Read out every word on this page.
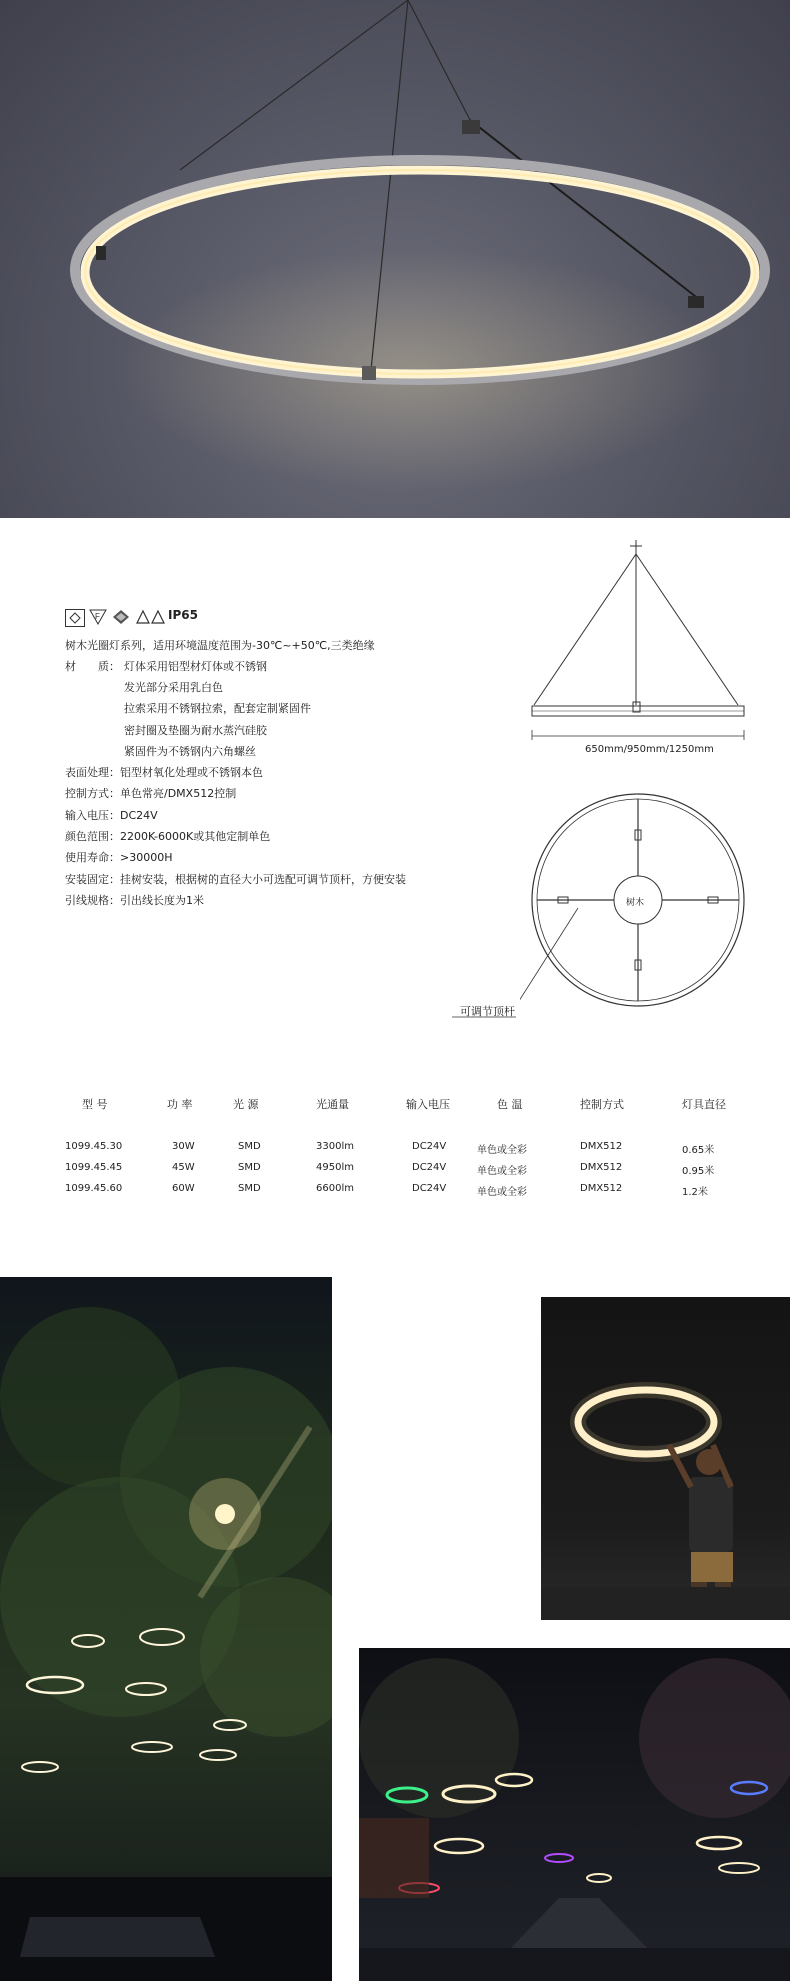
F	IP65
树木光圈灯系列，适用环境温度范围为-30℃~+50℃,三类绝缘
材　　质： 灯体采用铝型材灯体或不锈钢
发光部分采用乳白色
拉索采用不锈钢拉索，配套定制紧固件
密封圈及垫圈为耐水蒸汽硅胶
紧固件为不锈钢内六角螺丝
表面处理：铝型材氧化处理或不锈钢本色
控制方式：单色常亮/DMX512控制
输入电压：DC24V
颜色范围：2200K-6000K或其他定制单色
使用寿命：>30000H
安装固定：挂树安装，根据树的直径大小可选配可调节顶杆，方便安装
引线规格：引出线长度为1米
650mm/950mm/1250mm
树木
可调节顶杆
型 号	功 率	光 源	光通量	输入电压	色 温	控制方式	灯具直径
1099.45.30	30W	SMD	3300lm	DC24V	单色或全彩	DMX512	0.65米
1099.45.45	45W	SMD	4950lm	DC24V	单色或全彩	DMX512	0.95米
1099.45.60	60W	SMD	6600lm	DC24V	单色或全彩	DMX512	1.2米
